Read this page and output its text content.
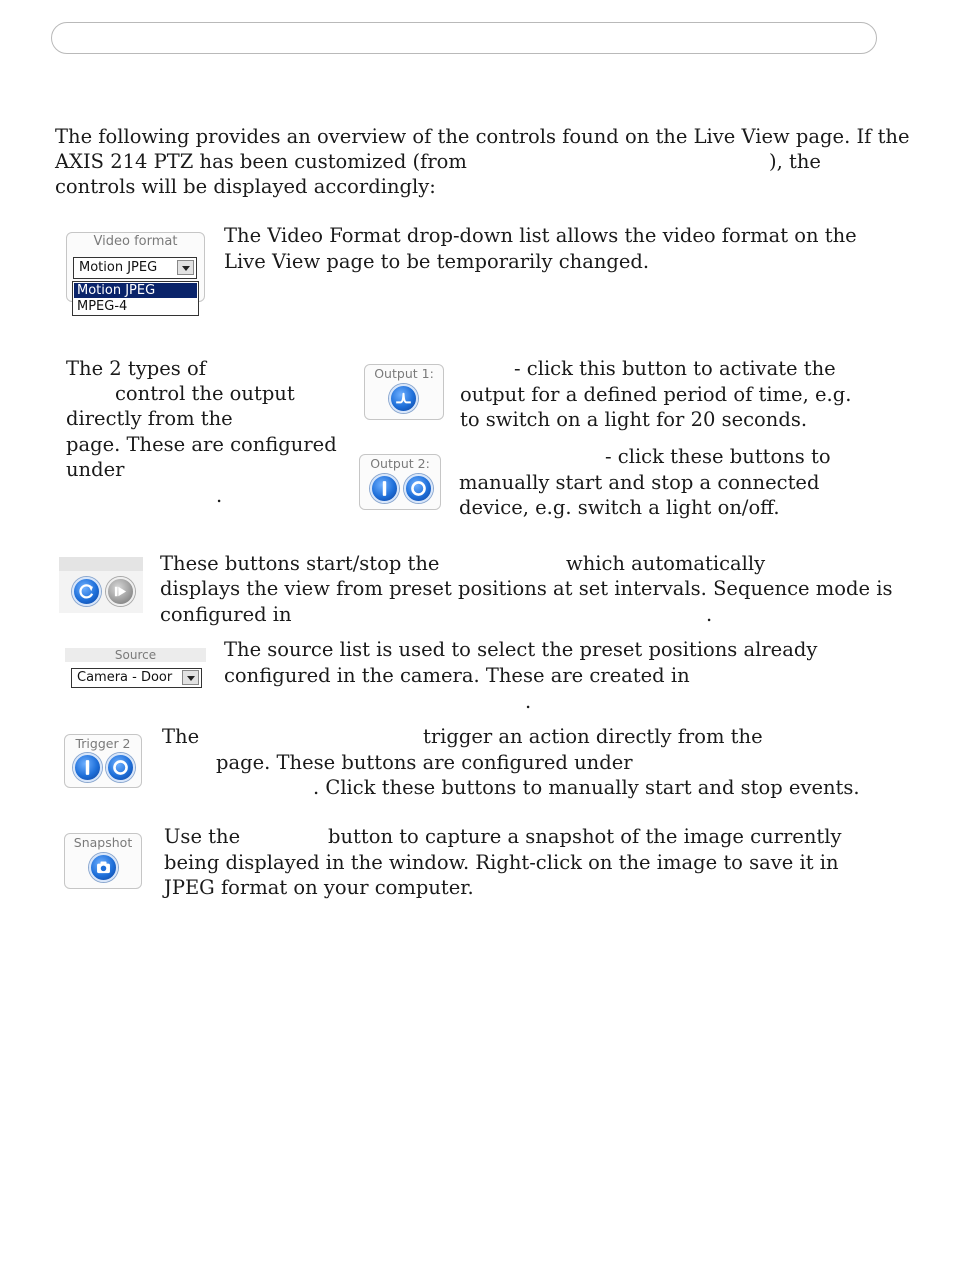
The following provides an overview of the controls found on the Live View page. If the

AXIS 214 PTZ has been customized (from	), the

controls will be displayed accordingly:

Video format
Motion JPEG
Motion JPEG
MPEG-4

The Video Format drop-down list allows the video format on the

Live View page to be temporarily changed.

The 2 types of

control the output

directly from the

page. These are configured

under

.

Output 1:	- click this button to activate the

output for a defined period of time, e.g.

to switch on a light for 20 seconds.

Output 2:	- click these buttons to

manually start and stop a connected

device, e.g. switch a light on/off.

These buttons start/stop the	which automatically

displays the view from preset positions at set intervals. Sequence mode is

configured in	.

Source
Camera - Door

The source list is used to select the preset positions already

configured in the camera. These are created in

.

Trigger 2	The	trigger an action directly from the

page. These buttons are configured under

. Click these buttons to manually start and stop events.

Snapshot	Use the	button to capture a snapshot of the image currently

being displayed in the window. Right-click on the image to save it in

JPEG format on your computer.
